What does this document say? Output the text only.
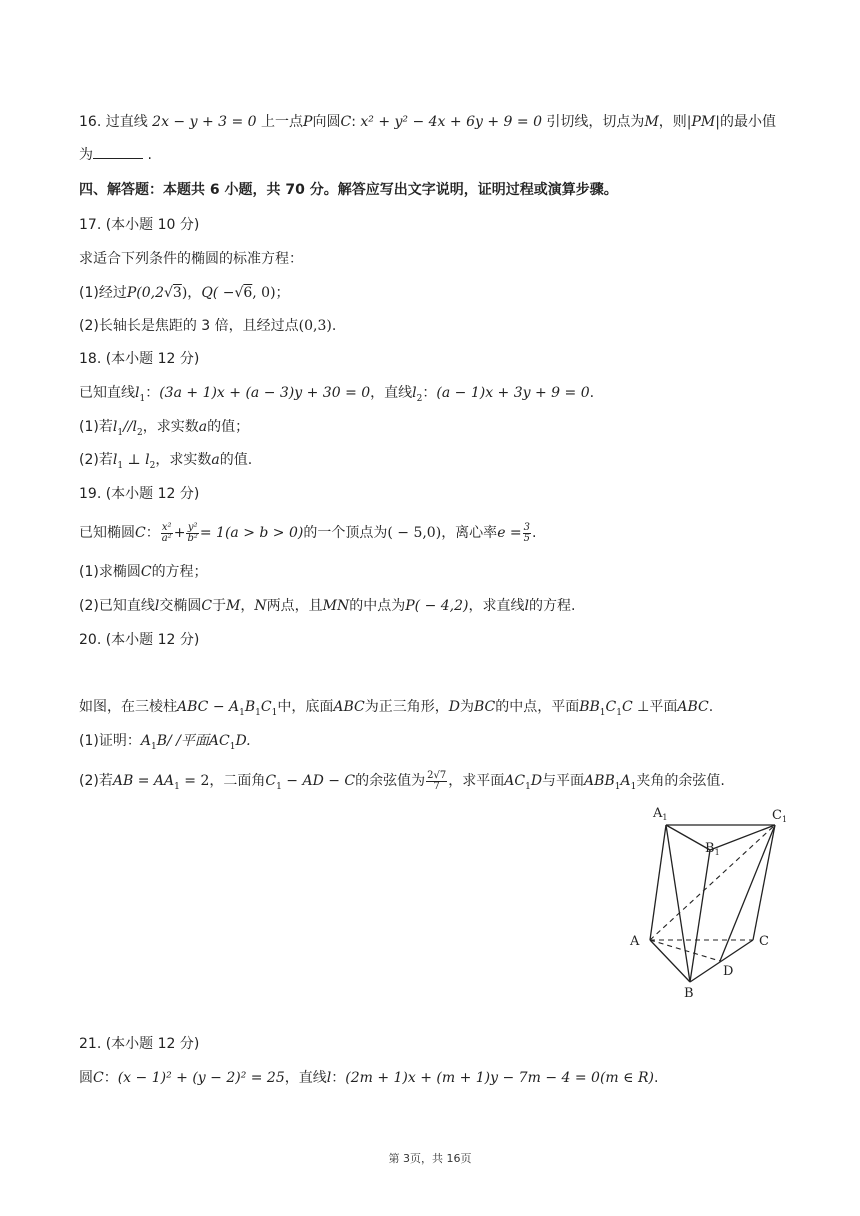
16. 过直线 2x − y + 3 = 0 上一点P向圆C: x² + y² − 4x + 6y + 9 = 0 引切线，切点为M，则|PM|的最小值
为	.
四、解答题：本题共 6 小题，共 70 分。解答应写出文字说明，证明过程或演算步骤。
17. (本小题 10 分)
求适合下列条件的椭圆的标准方程：
(1)经过P(0,2√3)，Q( −√6, 0)；
(2)长轴长是焦距的 3 倍，且经过点(0,3).
18. (本小题 12 分)
已知直线$l_1$：(3a + 1)x + (a − 3)y + 30 = 0，直线$l_2$：(a − 1)x + 3y + 9 = 0.
(1)若$l_1//l_2$，求实数a的值；
(2)若$l_1$ ⊥ $l_2$，求实数a的值.
19. (本小题 12 分)
已知椭圆C： $\frac{\text{x²}}{\text{a²}} + \frac{\text{y²}}{\text{b²}} = 1(a > b > 0)$的一个顶点为( − 5,0)，离心率$e = \frac{3}{5}$ .
(1)求椭圆C的方程；
(2)已知直线l交椭圆C于M，N两点，且MN的中点为P( − 4,2)，求直线l的方程.
20. (本小题 12 分)
如图，在三棱柱ABC − $A_1B_1C_1$中，底面ABC为正三角形，D为BC的中点，平面$BB_1C_1C$ ⊥平面ABC.
(1)证明：$A_1B/$ /平面$AC_1D$.
(2)若AB = $AA_1 = 2$，二面角$C_1$ − AD − C的余弦值为 $\frac{2√7}{7}$ ，求平面$AC_1D$与平面$ABB_1A_1$夹角的余弦值.
$A_1$	$C_1$
$B_1$
A	C
D
B
21. (本小题 12 分)
圆C：(x − 1)² + (y − 2)² = 25，直线l：(2m + 1)x + (m + 1)y − 7m − 4 = 0(m ∈ R).
第 3页，共 16页
